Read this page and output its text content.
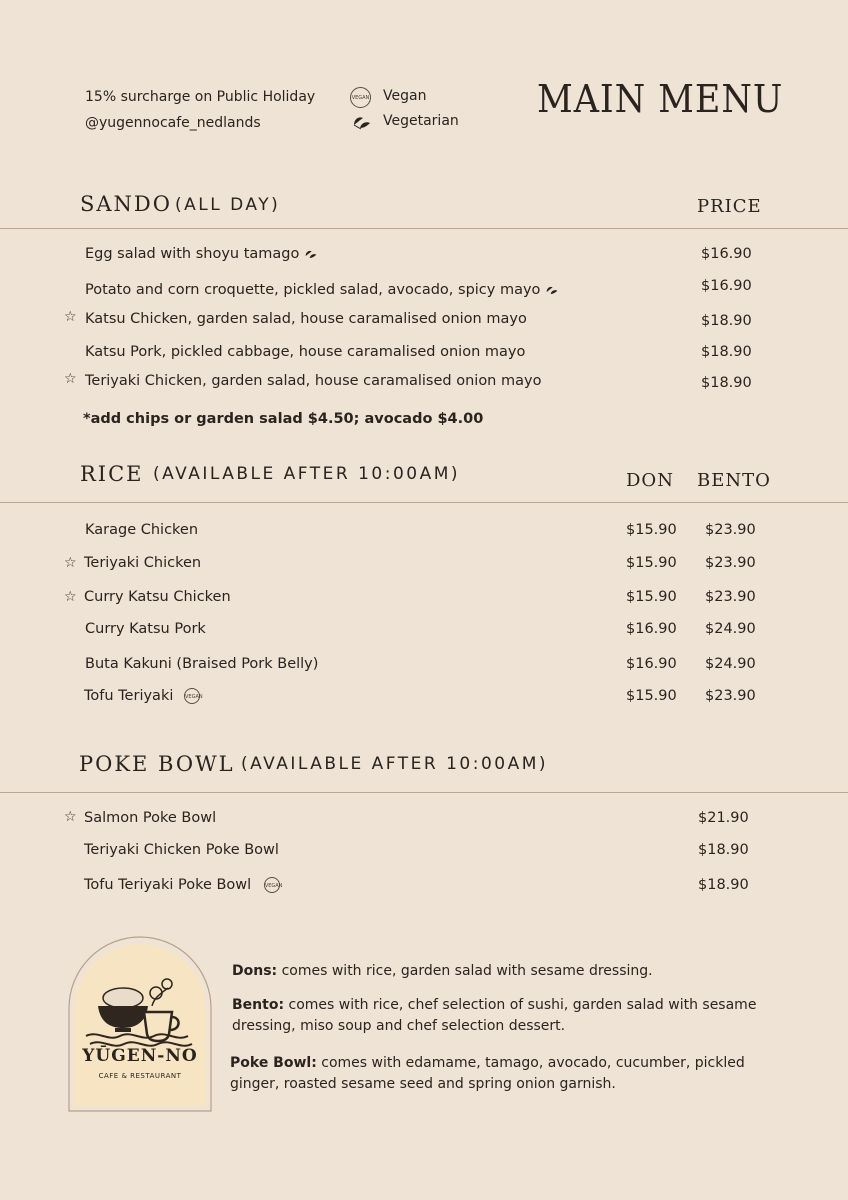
15% surcharge on Public Holiday
@yugennocafe_nedlands
VEGAN Vegan
Vegetarian MAIN MENU
SANDO (ALL DAY)	PRICE
Egg salad with shoyu tamago	$16.90
Potato and corn croquette, pickled salad, avocado, spicy mayo	$16.90
☆ Katsu Chicken, garden salad, house caramalised onion mayo	$18.90
Katsu Pork, pickled cabbage, house caramalised onion mayo	$18.90
☆ Teriyaki Chicken, garden salad, house caramalised onion mayo	$18.90
*add chips or garden salad $4.50; avocado $4.00
RICE (AVAILABLE AFTER 10:00AM)	DON BENTO
Karage Chicken	$15.90 $23.90
☆ Teriyaki Chicken	$15.90 $23.90
☆ Curry Katsu Chicken	$15.90 $23.90
Curry Katsu Pork	$16.90 $24.90
Buta Kakuni (Braised Pork Belly)	$16.90 $24.90
Tofu Teriyaki VEGAN	$15.90 $23.90
POKE BOWL (AVAILABLE AFTER 10:00AM)
☆ Salmon Poke Bowl	$21.90
Teriyaki Chicken Poke Bowl	$18.90
Tofu Teriyaki Poke Bowl	VEGAN	$18.90
YŪGEN-NO
CAFE & RESTAURANT
Dons: comes with rice, garden salad with sesame dressing.
Bento: comes with rice, chef selection of sushi, garden salad with sesame dressing, miso soup and chef selection dessert.
Poke Bowl: comes with edamame, tamago, avocado, cucumber, pickled ginger, roasted sesame seed and spring onion garnish.
